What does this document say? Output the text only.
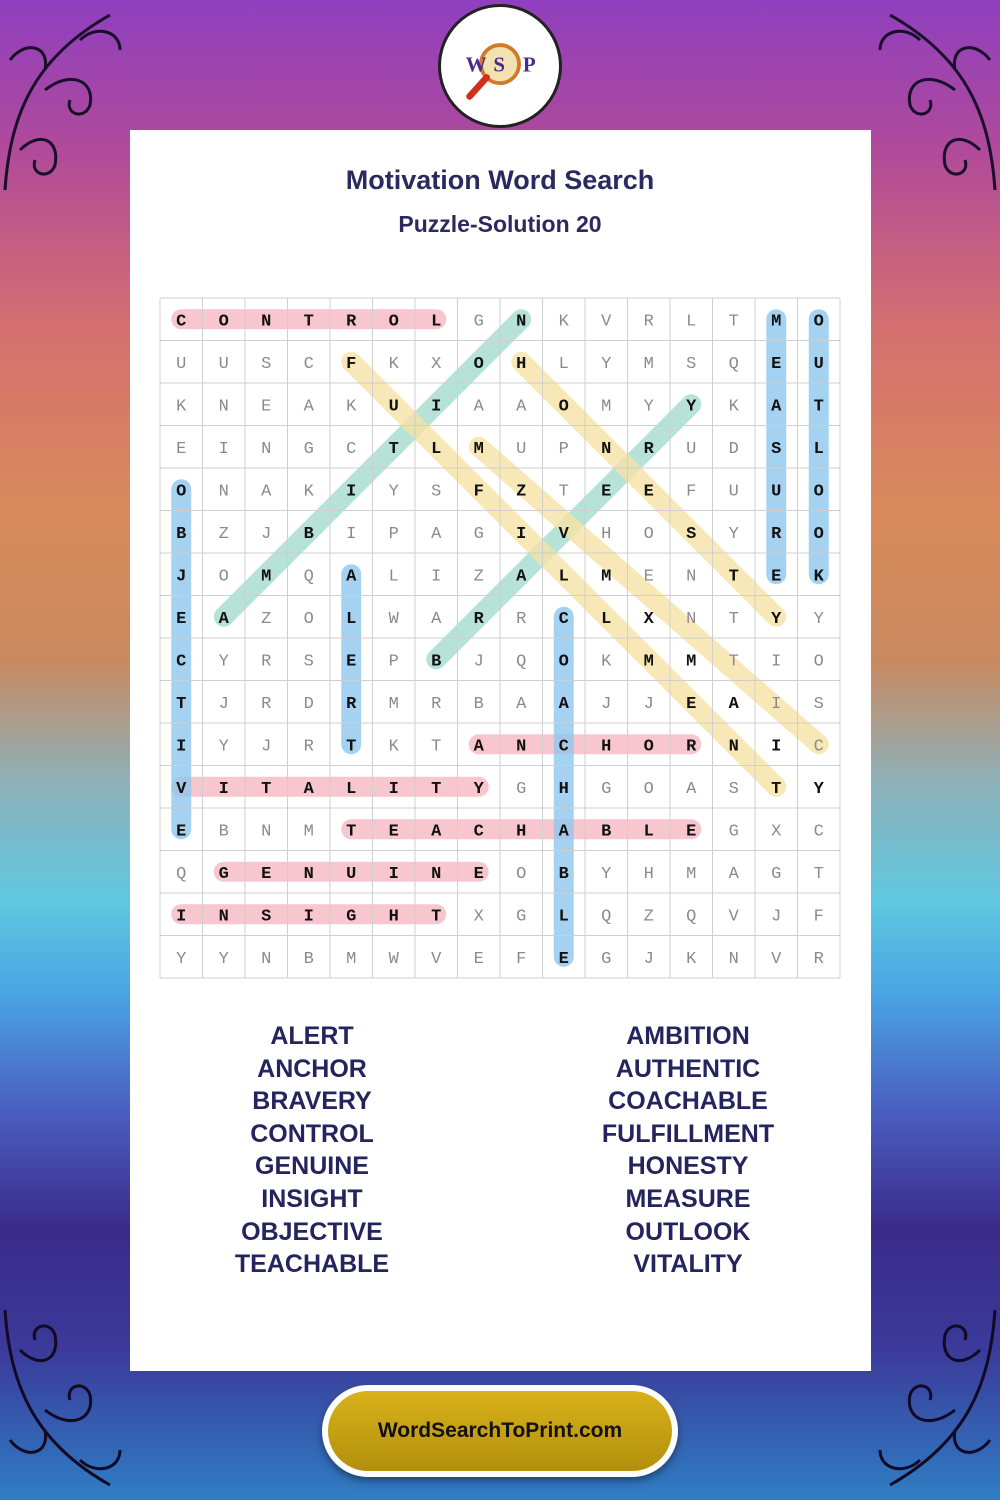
W S P
Motivation Word Search
Puzzle-Solution 20
C O N T R O L G N K V R L T M O
U U S C F K X O H L Y M S Q E U
K N E A K U I A A O M Y Y K A T
E I N G C T L M U P N R U D S L
O N A K I Y S F Z T E E F U U O
B Z J B I P A G I V H O S Y R O
J O M Q A L I Z A L M E N T E K
E A Z O L W A R R C L X N T Y Y
C Y R S E P B J Q O K M M T I O
T J R D R M R B A A J J E A I S
I Y J R T K T A N C H O R N I C
V I T A L I T Y G H G O A S T Y
E B N M T E A C H A B L E G X C
Q G E N U I N E O B Y H M A G T
I N S I G H T X G L Q Z Q V J F
Y Y N B M W V E F E G J K N V R
ALERT
ANCHOR
BRAVERY
CONTROL
GENUINE
INSIGHT
OBJECTIVE
TEACHABLE
AMBITION
AUTHENTIC
COACHABLE
FULFILLMENT
HONESTY
MEASURE
OUTLOOK
VITALITY
WordSearchToPrint.com
